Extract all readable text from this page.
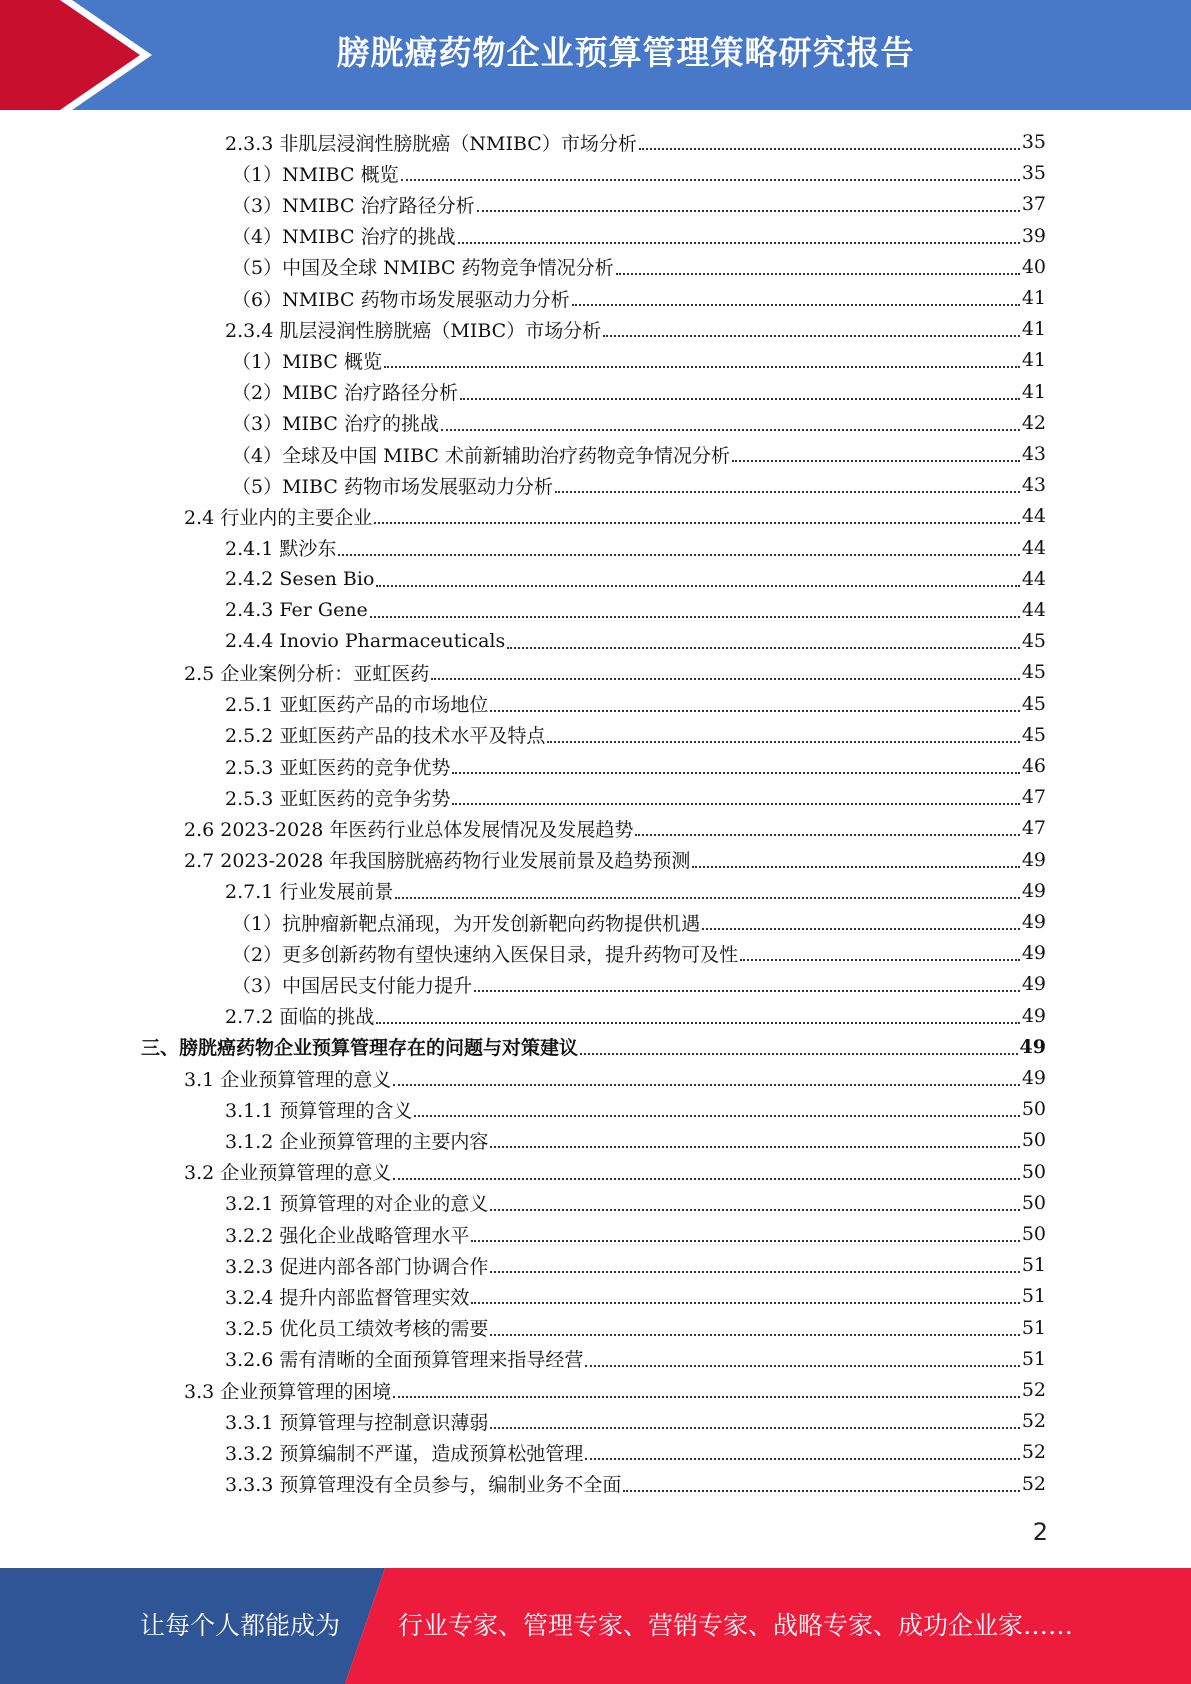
膀胱癌药物企业预算管理策略研究报告
2.3.3 非肌层浸润性膀胱癌（NMIBC）市场分析	35
（1）NMIBC 概览	35
（3）NMIBC 治疗路径分析	37
（4）NMIBC 治疗的挑战	39
（5）中国及全球 NMIBC 药物竞争情况分析	40
（6）NMIBC 药物市场发展驱动力分析	41
2.3.4 肌层浸润性膀胱癌（MIBC）市场分析	41
（1）MIBC 概览	41
（2）MIBC 治疗路径分析	41
（3）MIBC 治疗的挑战	42
（4）全球及中国 MIBC 术前新辅助治疗药物竞争情况分析	43
（5）MIBC 药物市场发展驱动力分析	43
2.4 行业内的主要企业	44
2.4.1 默沙东	44
2.4.2 Sesen Bio	44
2.4.3 Fer Gene	44
2.4.4 Inovio Pharmaceuticals	45
2.5 企业案例分析：亚虹医药	45
2.5.1 亚虹医药产品的市场地位	45
2.5.2 亚虹医药产品的技术水平及特点	45
2.5.3 亚虹医药的竞争优势	46
2.5.3 亚虹医药的竞争劣势	47
2.6 2023-2028 年医药行业总体发展情况及发展趋势	47
2.7 2023-2028 年我国膀胱癌药物行业发展前景及趋势预测	49
2.7.1 行业发展前景	49
（1）抗肿瘤新靶点涌现，为开发创新靶向药物提供机遇	49
（2）更多创新药物有望快速纳入医保目录，提升药物可及性	49
（3）中国居民支付能力提升	49
2.7.2 面临的挑战	49
三、膀胱癌药物企业预算管理存在的问题与对策建议	49
3.1 企业预算管理的意义	49
3.1.1 预算管理的含义	50
3.1.2 企业预算管理的主要内容	50
3.2 企业预算管理的意义	50
3.2.1 预算管理的对企业的意义	50
3.2.2 强化企业战略管理水平	50
3.2.3 促进内部各部门协调合作	51
3.2.4 提升内部监督管理实效	51
3.2.5 优化员工绩效考核的需要	51
3.2.6 需有清晰的全面预算管理来指导经营	51
3.3 企业预算管理的困境	52
3.3.1 预算管理与控制意识薄弱	52
3.3.2 预算编制不严谨，造成预算松弛管理	52
3.3.3 预算管理没有全员参与，编制业务不全面	52
2
让每个人都能成为 行业专家、管理专家、营销专家、战略专家、成功企业家……
